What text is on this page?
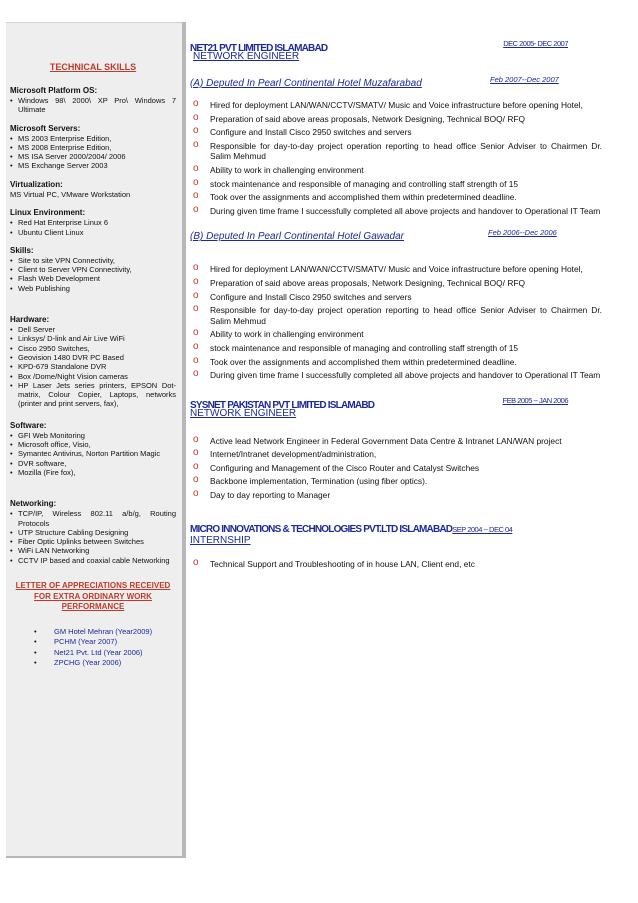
TECHNICAL SKILLS
Microsoft Platform OS:
• Windows 98\ 2000\ XP Pro\ Windows 7 Ultimate
Microsoft Servers:
• MS 2003 Enterprise Edition,
• MS 2008 Enterprise Edition,
• MS ISA Server 2000/2004/ 2006
• MS Exchange Server 2003
Virtualization:
MS Virtual PC, VMware Workstation
Linux Environment:
• Red Hat Enterprise Linux 6
• Ubuntu Client Linux
Skills:
• Site to site VPN Connectivity,
• Client to Server VPN Connectivity,
• Flash Web Development
• Web Publishing
Hardware:
• Dell Server
• Linksys/ D-link and Air Live WiFi
• Cisco 2950 Switches,
• Geovision 1480 DVR PC Based
• KPD-679 Standalone DVR
• Box /Dome/Night Vision cameras
• HP Laser Jets series printers, EPSON Dot-matrix, Colour Copier, Laptops, networks (printer and print servers, fax),
Software:
• GFI Web Monitoring
• Microsoft office, Visio,
• Symantec Antivirus, Norton Partition Magic
• DVR software,
• Mozilla (Fire fox),
Networking:
• TCP/IP, Wireless 802.11 a/b/g, Routing Protocols
• UTP Structure Cabling Designing
• Fiber Optic Uplinks between Switches
• WiFi LAN Networking
• CCTV IP based and coaxial cable Networking
LETTER OF APPRECIATIONS RECEIVED FOR EXTRA ORDINARY WORK PERFORMANCE
• GM Hotel Mehran (Year2009)
• PCHM (Year 2007)
• Net21 Pvt. Ltd (Year 2006)
• ZPCHG (Year 2006)
NET21 PVT LIMITED ISLAMABAD	DEC 2005- DEC 2007
NETWORK ENGINEER
(A) Deputed In Pearl Continental Hotel Muzafarabad	Feb 2007--Dec 2007
o Hired for deployment LAN/WAN/CCTV/SMATV/ Music and Voice infrastructure before opening Hotel,
o Preparation of said above areas proposals, Network Designing, Technical BOQ/ RFQ
o Configure and Install Cisco 2950 switches and servers
o Responsible for day-to-day project operation reporting to head office Senior Adviser to Chairmen Dr. Salim Mehmud
o Ability to work in challenging environment
o stock maintenance and responsible of managing and controlling staff strength of 15
o Took over the assignments and accomplished them within predetermined deadline.
o During given time frame I successfully completed all above projects and handover to Operational IT Team
(B) Deputed In Pearl Continental Hotel Gawadar	Feb 2006--Dec 2006
o Hired for deployment LAN/WAN/CCTV/SMATV/ Music and Voice infrastructure before opening Hotel,
o Preparation of said above areas proposals, Network Designing, Technical BOQ/ RFQ
o Configure and Install Cisco 2950 switches and servers
o Responsible for day-to-day project operation reporting to head office Senior Adviser to Chairmen Dr. Salim Mehmud
o Ability to work in challenging environment
o stock maintenance and responsible of managing and controlling staff strength of 15
o Took over the assignments and accomplished them within predetermined deadline.
o During given time frame I successfully completed all above projects and handover to Operational IT Team
SYSNET PAKISTAN PVT LIMITED ISLAMABD	FEB 2005 -- JAN 2006
NETWORK ENGINEER
o Active lead Network Engineer in Federal Government Data Centre & Intranet LAN/WAN project
o Internet/Intranet development/administration,
o Configuring and Management of the Cisco Router and Catalyst Switches
o Backbone implementation, Termination (using fiber optics).
o Day to day reporting to Manager
MICRO INNOVATIONS & TECHNOLOGIES PVT.LTD ISLAMABADSEP 2004 -- DEC 04
INTERNSHIP
o Technical Support and Troubleshooting of in house LAN, Client end, etc
